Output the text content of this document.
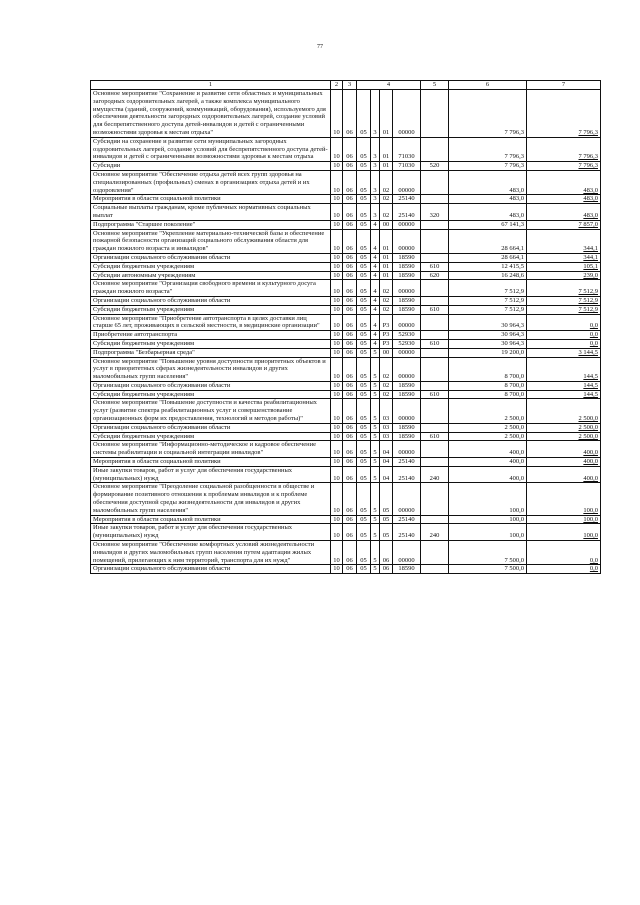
77
1	2	3	4				5	6	7
Основное мероприятие "Сохранение и развитие сети областных и муниципальных загородных оздоровительных лагерей, а также комплекса муниципального имущества (зданий, сооружений, коммуникаций, оборудования), используемого для обеспечения деятельности загородных оздоровительных лагерей, создание условий для беспрепятственного доступа детей-инвалидов и детей с ограниченными возможностями здоровья к местам отдыха"	10	06	05	3	01	00000		7 796,3	7 796,3
Субсидии на сохранение и развитие сети муниципальных загородных оздоровительных лагерей, создание условий для беспрепятственного доступа детей-инвалидов и детей с ограниченными возможностями здоровья к местам отдыха	10	06	05	3	01	71030		7 796,3	7 796,3
Субсидии	10	06	05	3	01	71030	520	7 796,3	7 796,3
Основное мероприятие "Обеспечение отдыха детей всех групп здоровья на специализированных (профильных) сменах в организациях отдыха детей и их оздоровления"	10	06	05	3	02	00000		483,0	483,0
Мероприятия в области социальной политики	10	06	05	3	02	25140		483,0	483,0
Социальные выплаты гражданам, кроме публичных нормативных социальных выплат	10	06	05	3	02	25140	320	483,0	483,0
Подпрограмма "Старшее поколение"	10	06	05	4	00	00000		67 141,3	7 857,0
Основное мероприятие "Укрепление материально-технической базы и обеспечение пожарной безопасности организаций социального обслуживания области для граждан пожилого возраста и инвалидов"	10	06	05	4	01	00000		28 664,1	344,1
Организации социального обслуживания области	10	06	05	4	01	18590		28 664,1	344,1
Субсидии бюджетным учреждениям	10	06	05	4	01	18590	610	12 415,5	105,1
Субсидии автономным учреждениям	10	06	05	4	01	18590	620	16 248,6	239,0
Основное мероприятие "Организация свободного времени и культурного досуга граждан пожилого возраста"	10	06	05	4	02	00000		7 512,9	7 512,9
Организации социального обслуживания области	10	06	05	4	02	18590		7 512,9	7 512,9
Субсидии бюджетным учреждениям	10	06	05	4	02	18590	610	7 512,9	7 512,9
Основное мероприятие "Приобретение автотранспорта в целях доставки лиц старше 65 лет, проживающих в сельской местности, в медицинские организации"	10	06	05	4	P3	00000		30 964,3	0,0
Приобретение автотранспорта	10	06	05	4	P3	52930		30 964,3	0,0
Субсидии бюджетным учреждениям	10	06	05	4	P3	52930	610	30 964,3	0,0
Подпрограмма "Безбарьерная среда"	10	06	05	5	00	00000		19 200,0	3 144,5
Основное мероприятие "Повышение уровня доступности приоритетных объектов и услуг в приоритетных сферах жизнедеятельности инвалидов и других маломобильных групп населения"	10	06	05	5	02	00000		8 700,0	144,5
Организации социального обслуживания области	10	06	05	5	02	18590		8 700,0	144,5
Субсидии бюджетным учреждениям	10	06	05	5	02	18590	610	8 700,0	144,5
Основное мероприятие "Повышение доступности и качества реабилитационных услуг (развитие спектра реабилитационных услуг и совершенствование организационных форм их предоставления, технологий и методов работы)"	10	06	05	5	03	00000		2 500,0	2 500,0
Организации социального обслуживания области	10	06	05	5	03	18590		2 500,0	2 500,0
Субсидии бюджетным учреждениям	10	06	05	5	03	18590	610	2 500,0	2 500,0
Основное мероприятие "Информационно-методическое и кадровое обеспечение системы реабилитации и социальной интеграции инвалидов"	10	06	05	5	04	00000		400,0	400,0
Мероприятия в области социальной политики	10	06	05	5	04	25140		400,0	400,0
Иные закупки товаров, работ и услуг для обеспечения государственных (муниципальных) нужд	10	06	05	5	04	25140	240	400,0	400,0
Основное мероприятие "Преодоление социальной разобщенности в обществе и формирование позитивного отношения к проблемам инвалидов и к проблеме обеспечения доступной среды жизнедеятельности для инвалидов и других маломобильных групп населения"	10	06	05	5	05	00000		100,0	100,0
Мероприятия в области социальной политики	10	06	05	5	05	25140		100,0	100,0
Иные закупки товаров, работ и услуг для обеспечения государственных (муниципальных) нужд	10	06	05	5	05	25140	240	100,0	100,0
Основное мероприятие "Обеспечение комфортных условий жизнедеятельности инвалидов и других маломобильных групп населения путем адаптации жилых помещений, прилегающих к ним территорий, транспорта для их нужд"	10	06	05	5	06	00000		7 500,0	0,0
Организации социального обслуживания области	10	06	05	5	06	18590		7 500,0	0,0
